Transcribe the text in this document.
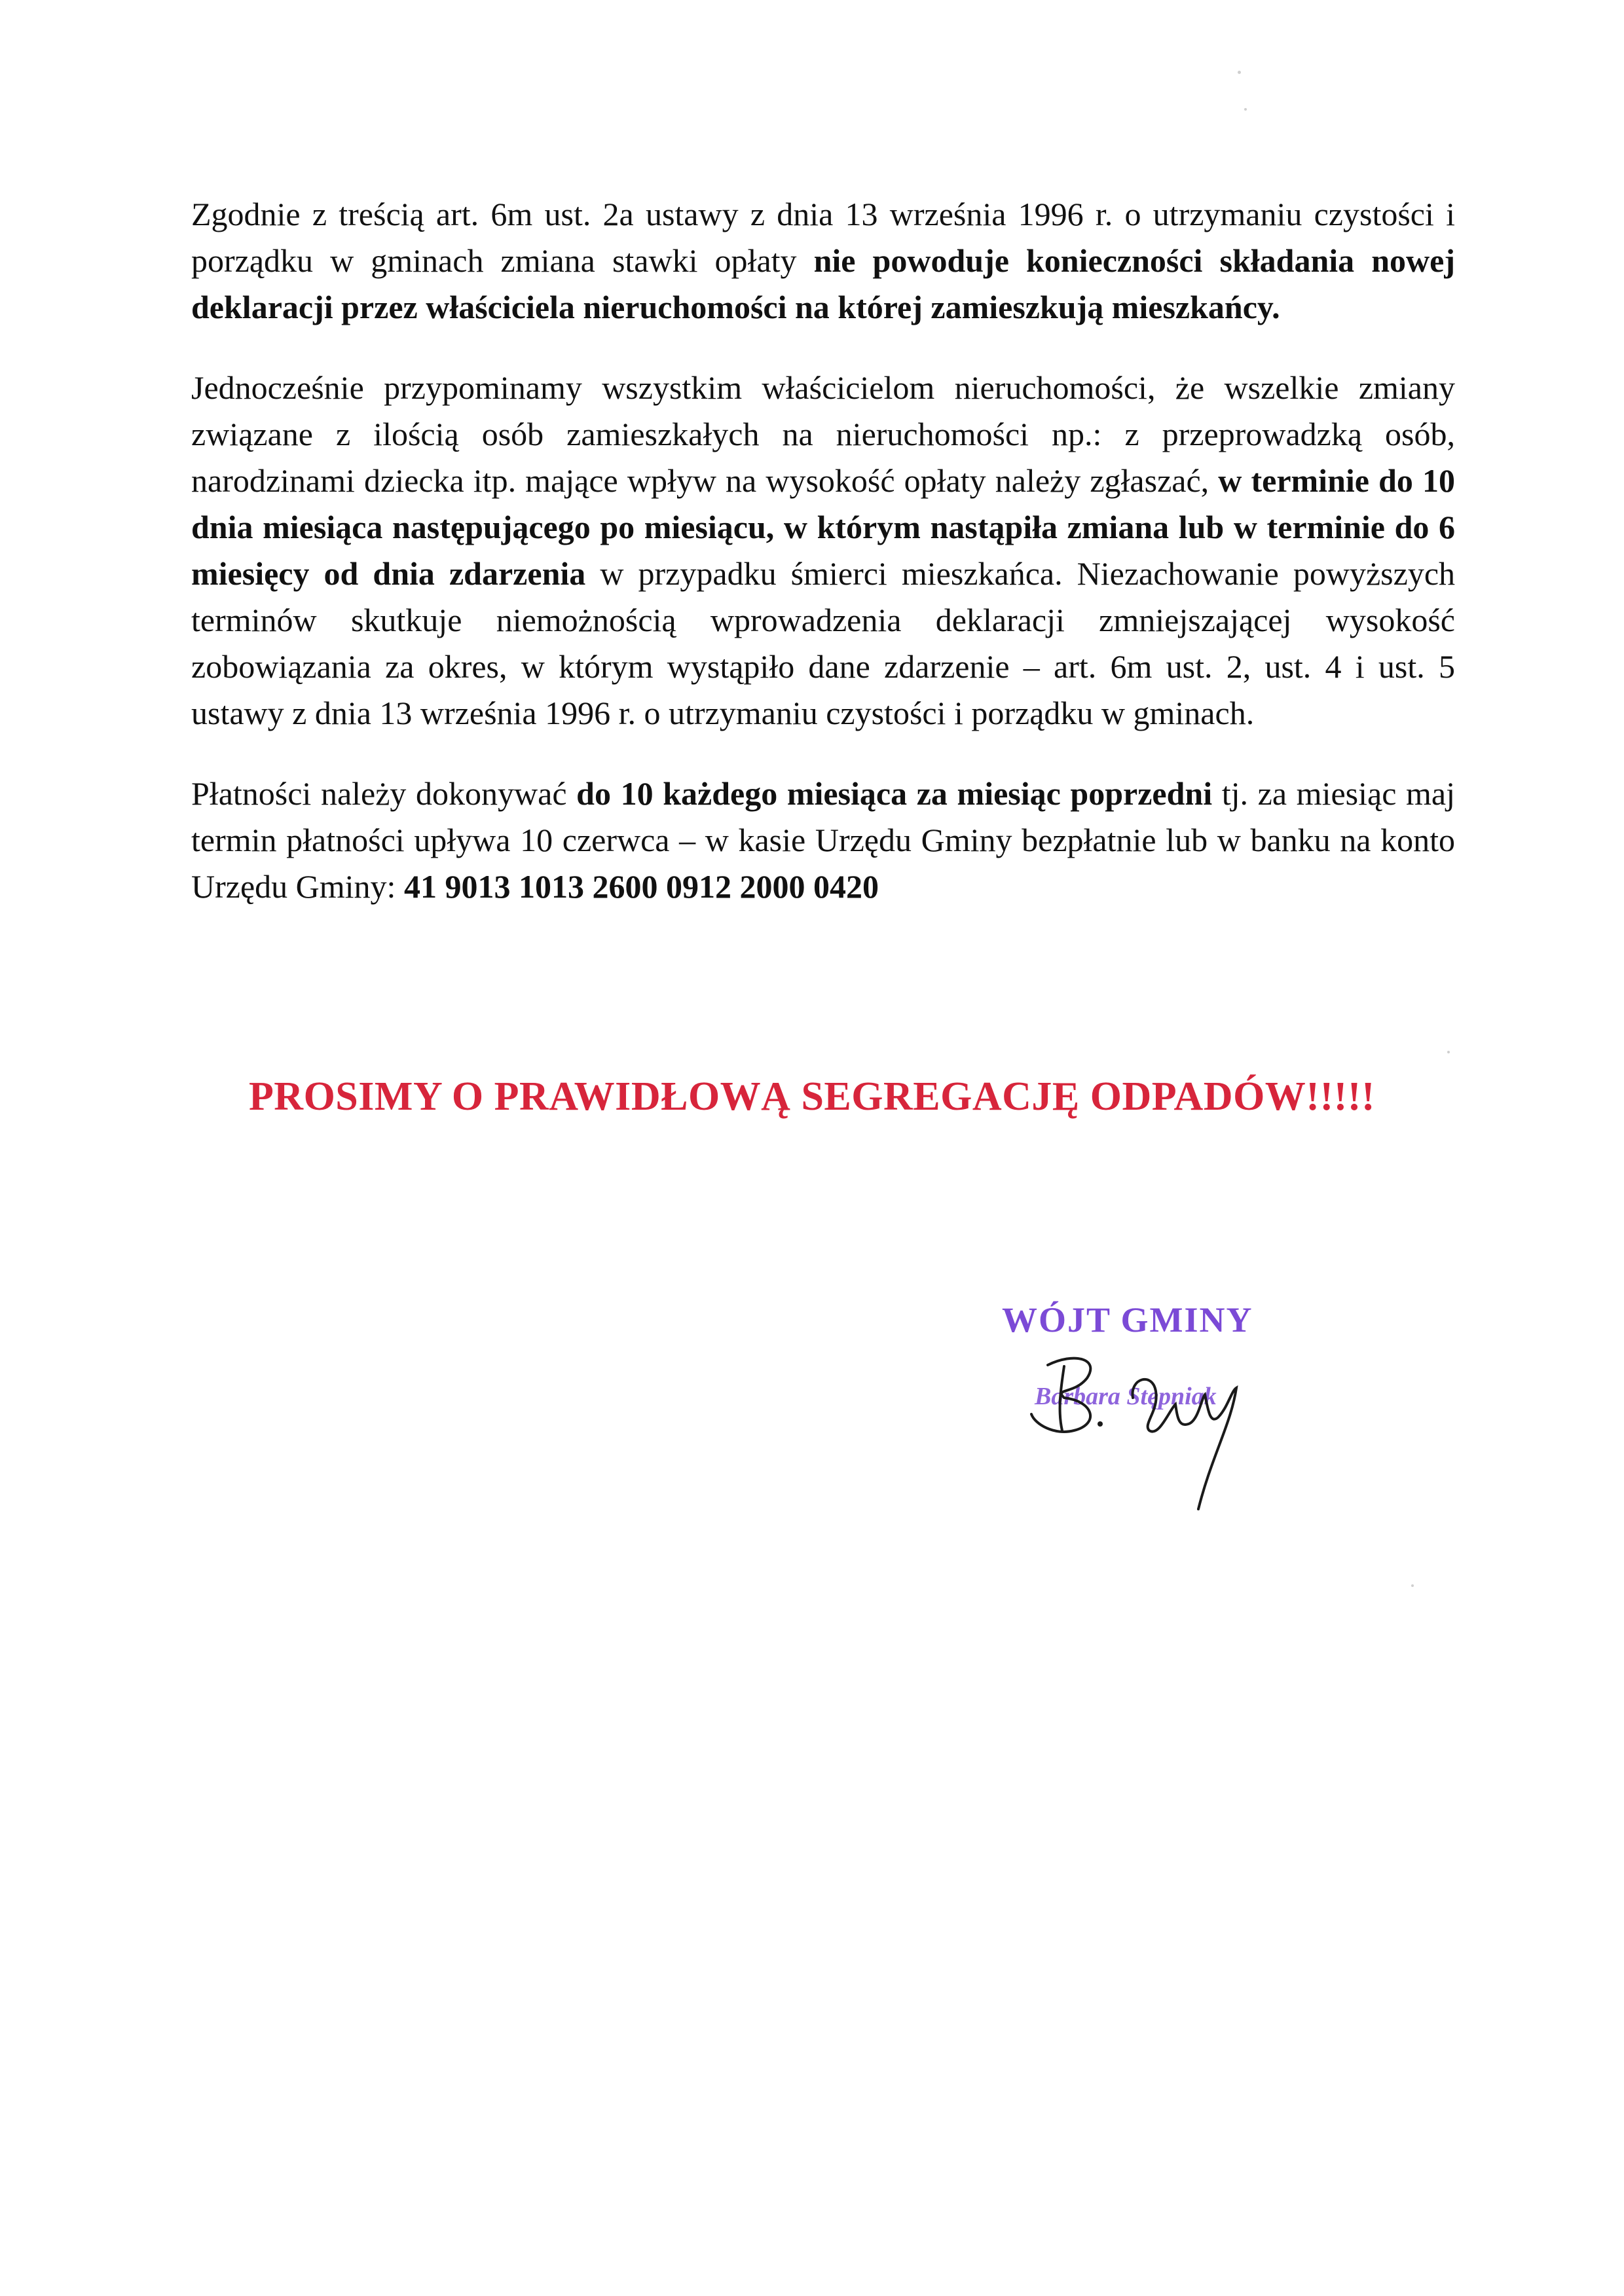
Zgodnie z treścią art. 6m ust. 2a ustawy z dnia 13 września 1996 r. o utrzymaniu czystości i porządku w gminach zmiana stawki opłaty nie powoduje konieczności składania nowej deklaracji przez właściciela nieruchomości na której zamieszkują mieszkańcy.

Jednocześnie przypominamy wszystkim właścicielom nieruchomości, że wszelkie zmiany związane z ilością osób zamieszkałych na nieruchomości np.: z przeprowadzką osób, narodzinami dziecka itp. mające wpływ na wysokość opłaty należy zgłaszać, w terminie do 10 dnia miesiąca następującego po miesiącu, w którym nastąpiła zmiana lub w terminie do 6 miesięcy od dnia zdarzenia w przypadku śmierci mieszkańca. Niezachowanie powyższych terminów skutkuje niemożnością wprowadzenia deklaracji zmniejszającej wysokość zobowiązania za okres, w którym wystąpiło dane zdarzenie – art. 6m ust. 2, ust. 4 i ust. 5 ustawy z dnia 13 września 1996 r. o utrzymaniu czystości i porządku w gminach.

Płatności należy dokonywać do 10 każdego miesiąca za miesiąc poprzedni tj. za miesiąc maj termin płatności upływa 10 czerwca – w kasie Urzędu Gminy bezpłatnie lub w banku na konto Urzędu Gminy: 41 9013 1013 2600 0912 2000 0420

PROSIMY O PRAWIDŁOWĄ SEGREGACJĘ ODPADÓW!!!!!
WÓJT GMINY
Barbara Stępniak
